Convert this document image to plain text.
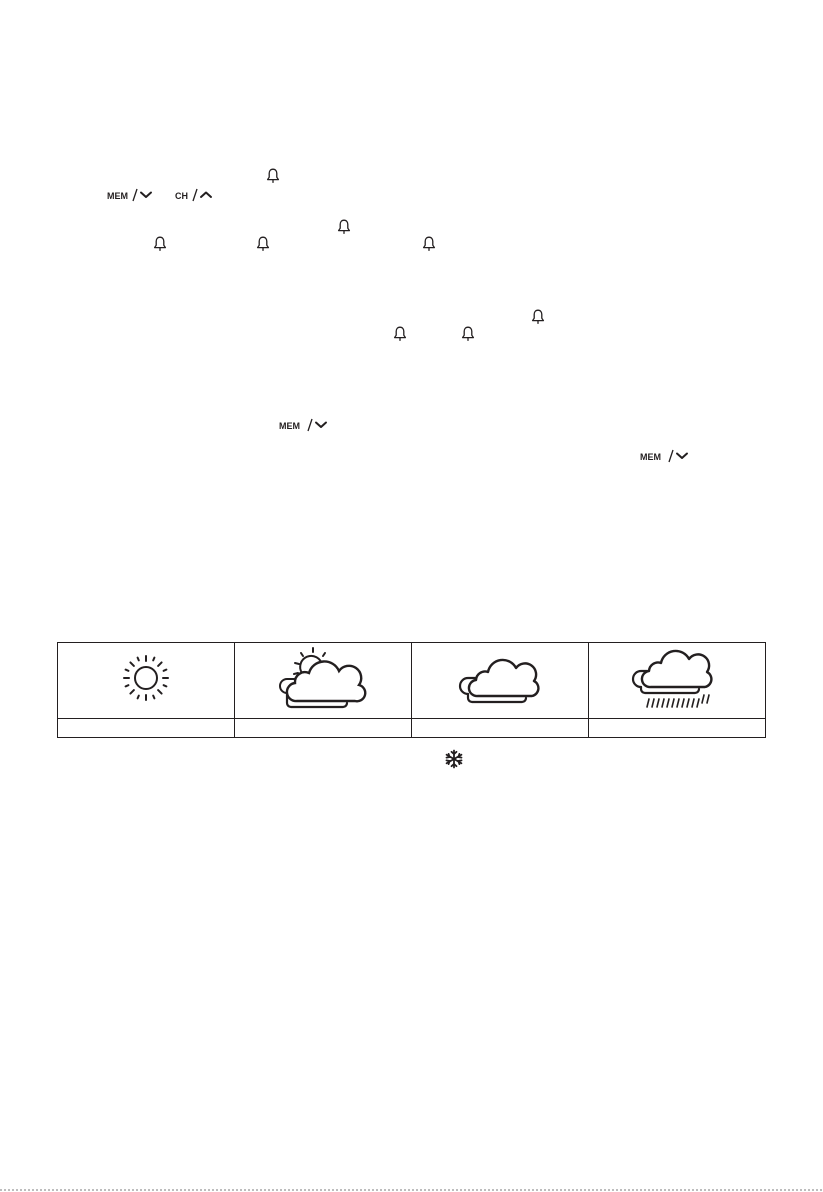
MEM	CH
MEM
MEM
